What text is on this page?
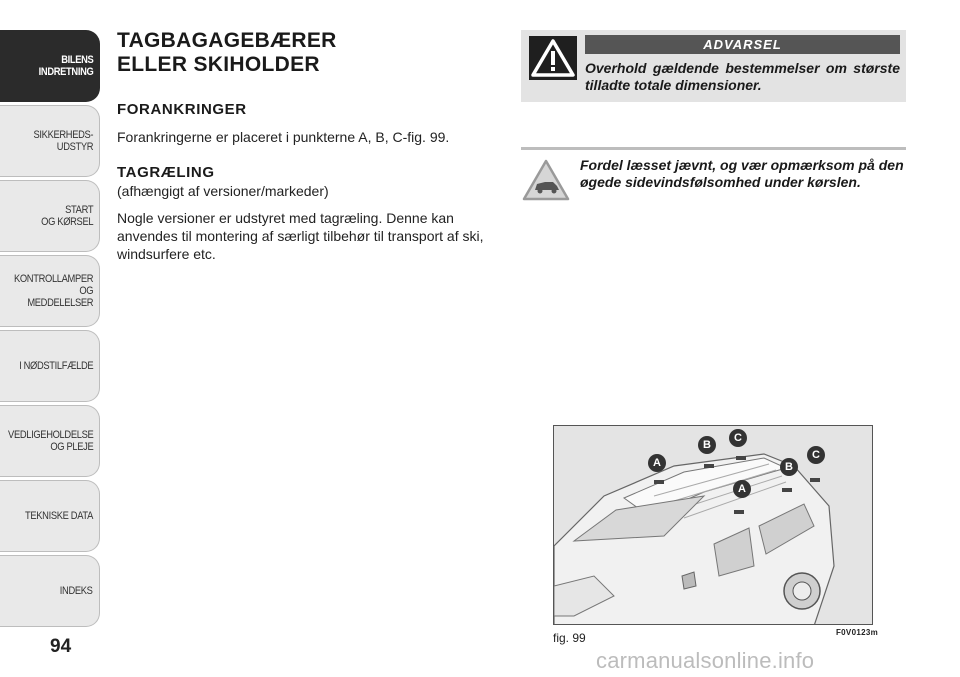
BILENS
INDRETNING
SIKKERHEDS-
UDSTYR
START
OG KØRSEL
KONTROLLAMPER
OG MEDDELELSER
I NØDSTILFÆLDE
VEDLIGEHOLDELSE
OG PLEJE
TEKNISKE DATA
INDEKS
94
TAGBAGAGEBÆRER
ELLER SKIHOLDER
FORANKRINGER
Forankringerne er placeret i punkterne A, B, C-fig. 99.
TAGRÆLING
(afhængigt af versioner/markeder)
Nogle versioner er udstyret med tagræling. Denne kan anvendes til montering af særligt tilbehør til transport af ski, windsurfere etc.
ADVARSEL
Overhold gældende bestemmelser om største tilladte totale dimensioner.
Fordel læsset jævnt, og vær opmærksom på den øgede sidevindsfølsomhed under kørslen.
A
B
C
A
B
C
fig. 99	F0V0123m
carmanualsonline.info
